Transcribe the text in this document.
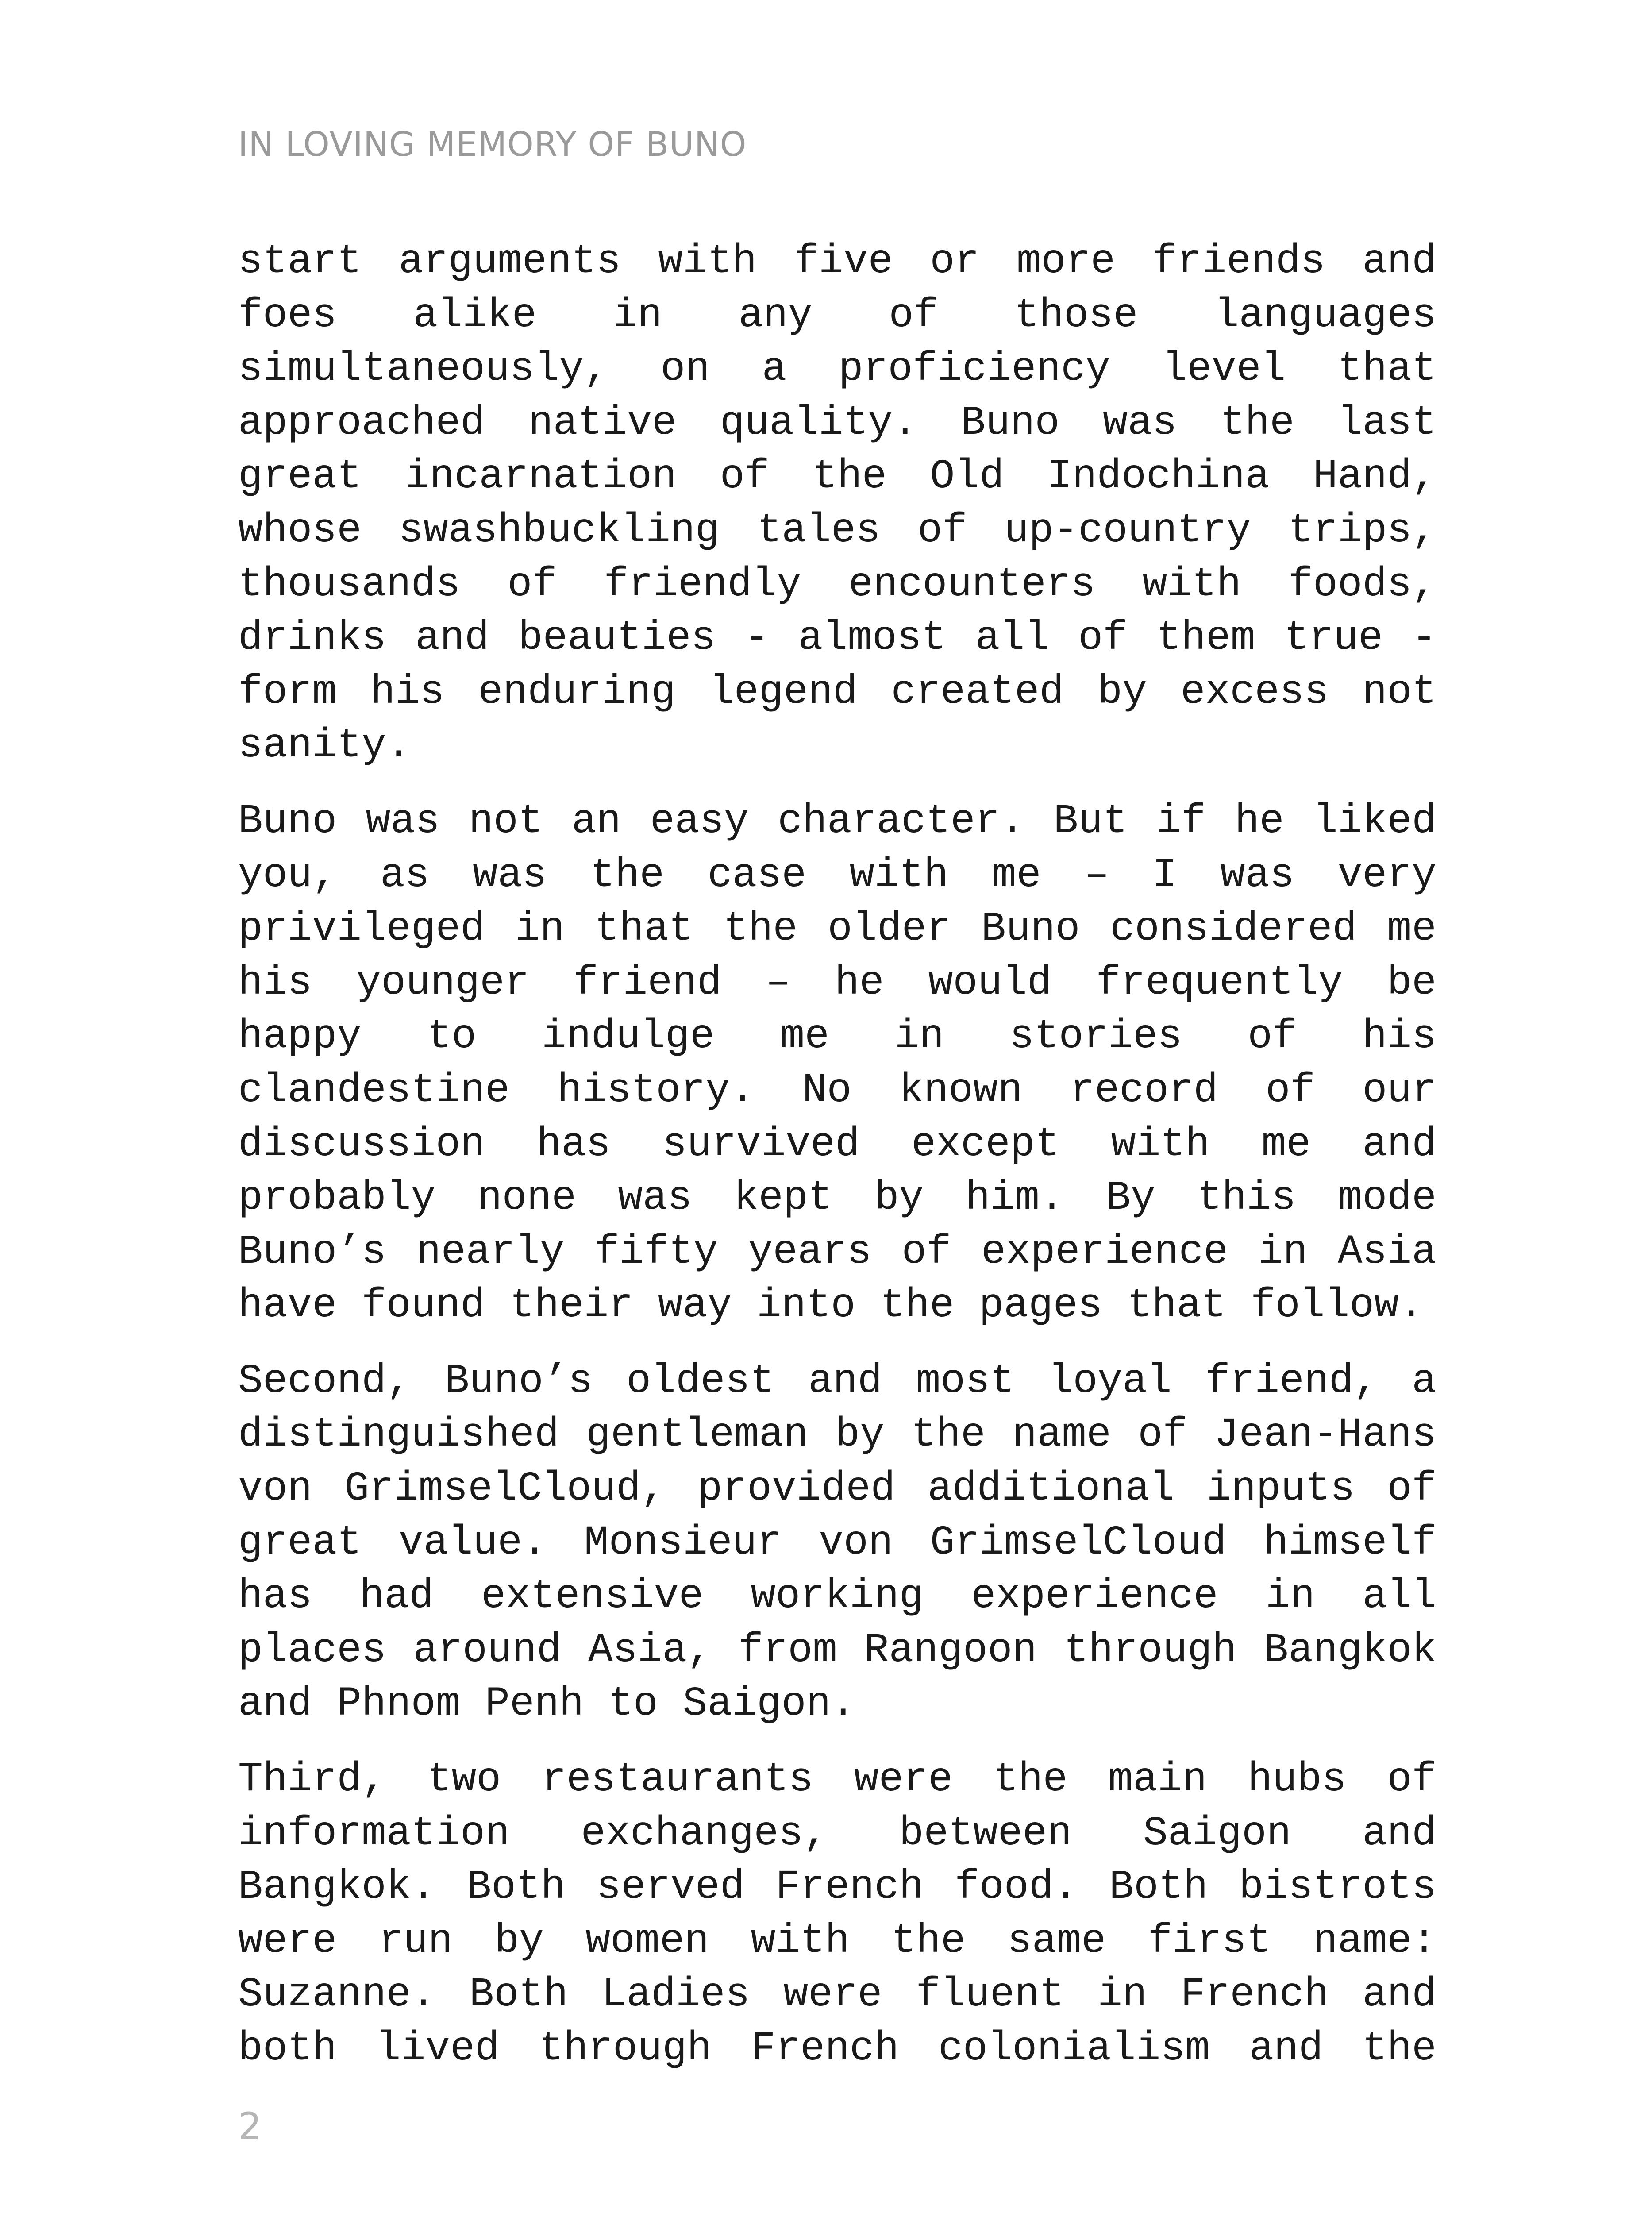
IN LOVING MEMORY OF BUNO

start arguments with five or more friends and foes alike in any of those languages simultaneously, on a proficiency level that approached native quality. Buno was the last great incarnation of the Old Indochina Hand, whose swashbuckling tales of up-country trips, thousands of friendly encounters with foods, drinks and beauties - almost all of them true - form his enduring legend created by excess not sanity.

Buno was not an easy character. But if he liked you, as was the case with me – I was very privileged in that the older Buno considered me his younger friend – he would frequently be happy to indulge me in stories of his clandestine history. No known record of our discussion has survived except with me and probably none was kept by him. By this mode Buno’s nearly fifty years of experience in Asia have found their way into the pages that follow.

Second, Buno’s oldest and most loyal friend, a distinguished gentleman by the name of Jean-Hans von GrimselCloud, provided additional inputs of great value. Monsieur von GrimselCloud himself has had extensive working experience in all places around Asia, from Rangoon through Bangkok and Phnom Penh to Saigon.

Third, two restaurants were the main hubs of information exchanges, between Saigon and Bangkok. Both served French food. Both bistrots were run by women with the same first name: Suzanne. Both Ladies were fluent in French and both lived through French colonialism and the

2
